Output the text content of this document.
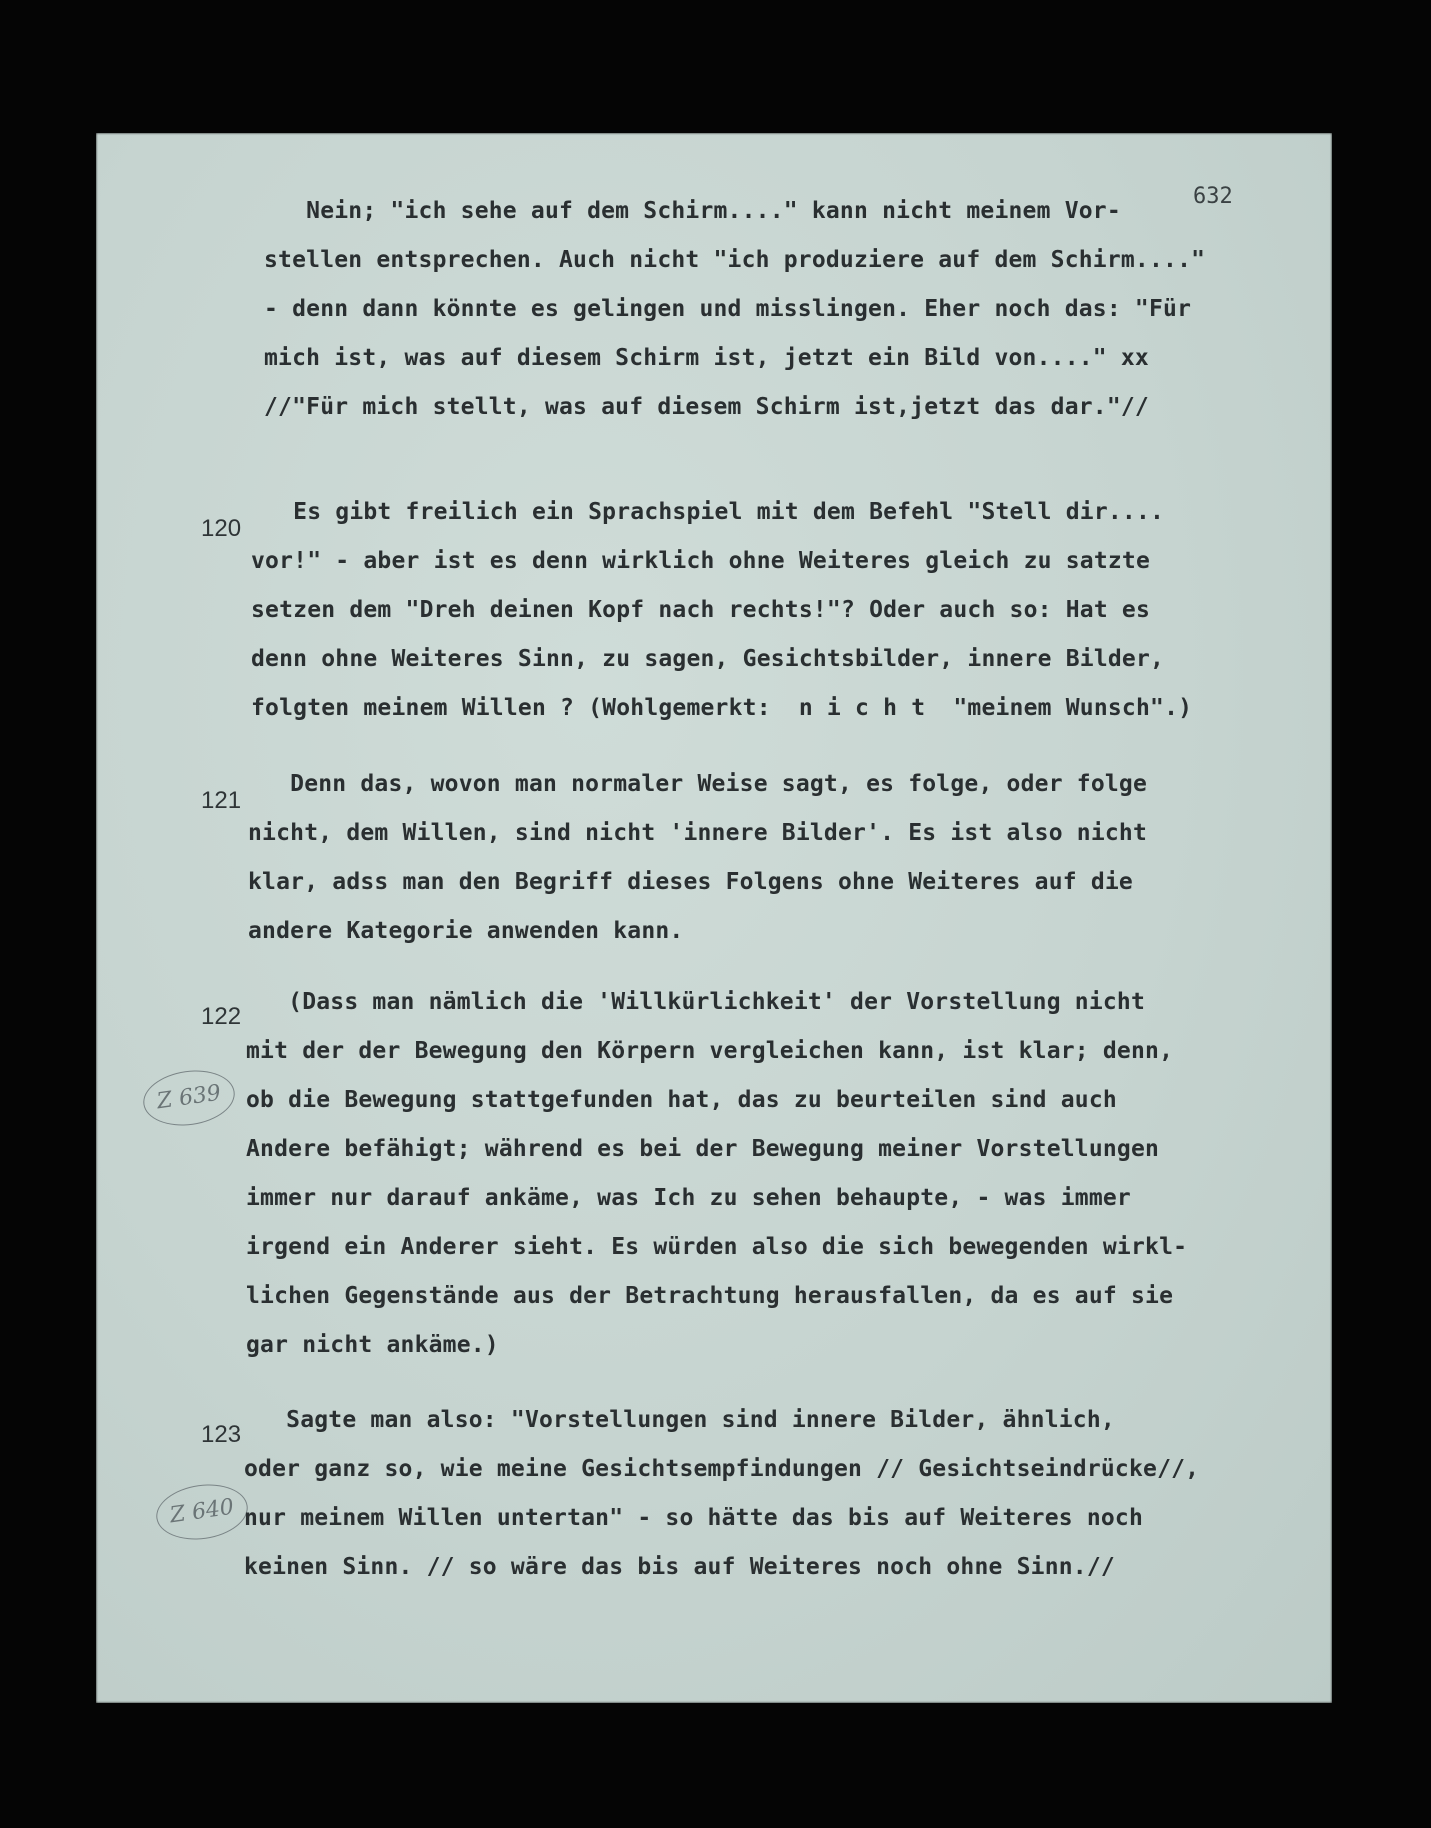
632
Nein; "ich sehe auf dem Schirm...." kann nicht meinem Vor-
stellen entsprechen. Auch nicht "ich produziere auf dem Schirm...."
- denn dann könnte es gelingen und misslingen. Eher noch das: "Für
mich ist, was auf diesem Schirm ist, jetzt ein Bild von...." xx
//"Für mich stellt, was auf diesem Schirm ist,jetzt das dar."//
120
Es gibt freilich ein Sprachspiel mit dem Befehl "Stell dir....
vor!" - aber ist es denn wirklich ohne Weiteres gleich zu satzte
setzen dem "Dreh deinen Kopf nach rechts!"? Oder auch so: Hat es
denn ohne Weiteres Sinn, zu sagen, Gesichtsbilder, innere Bilder,
folgten meinem Willen ? (Wohlgemerkt:  n i c h t  "meinem Wunsch".)
121
Denn das, wovon man normaler Weise sagt, es folge, oder folge
nicht, dem Willen, sind nicht 'innere Bilder'. Es ist also nicht
klar, adss man den Begriff dieses Folgens ohne Weiteres auf die
andere Kategorie anwenden kann.
122
Z 639
(Dass man nämlich die 'Willkürlichkeit' der Vorstellung nicht
mit der der Bewegung den Körpern vergleichen kann, ist klar; denn,
ob die Bewegung stattgefunden hat, das zu beurteilen sind auch
Andere befähigt; während es bei der Bewegung meiner Vorstellungen
immer nur darauf ankäme, was Ich zu sehen behaupte, - was immer
irgend ein Anderer sieht. Es würden also die sich bewegenden wirkl-
lichen Gegenstände aus der Betrachtung herausfallen, da es auf sie
gar nicht ankäme.)
123
Z 640
Sagte man also: "Vorstellungen sind innere Bilder, ähnlich,
oder ganz so, wie meine Gesichtsempfindungen // Gesichtseindrücke//,
nur meinem Willen untertan" - so hätte das bis auf Weiteres noch
keinen Sinn. // so wäre das bis auf Weiteres noch ohne Sinn.//
